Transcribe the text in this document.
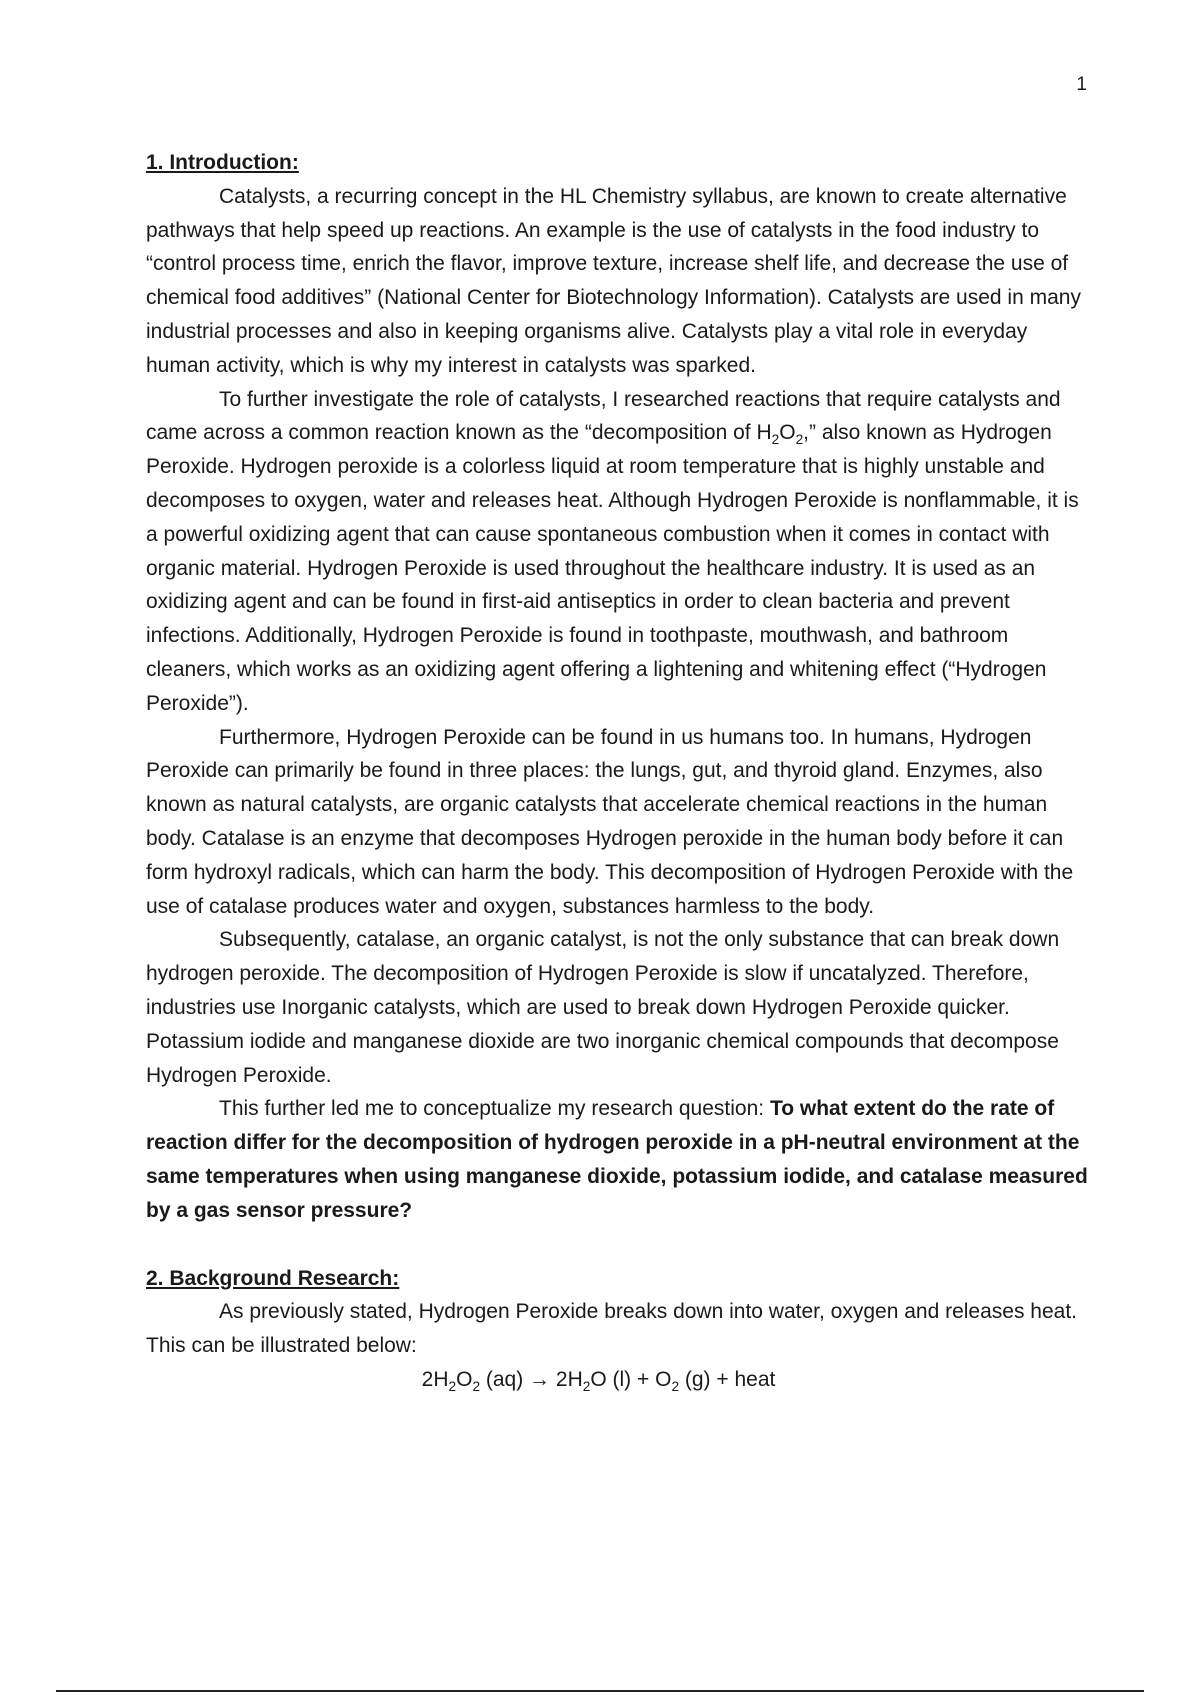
1

1. Introduction:

Catalysts, a recurring concept in the HL Chemistry syllabus, are known to create alternative pathways that help speed up reactions. An example is the use of catalysts in the food industry to “control process time, enrich the flavor, improve texture, increase shelf life, and decrease the use of chemical food additives” (National Center for Biotechnology Information). Catalysts are used in many industrial processes and also in keeping organisms alive. Catalysts play a vital role in everyday human activity, which is why my interest in catalysts was sparked.

To further investigate the role of catalysts, I researched reactions that require catalysts and came across a common reaction known as the “decomposition of $H_2O_2$,” also known as Hydrogen Peroxide. Hydrogen peroxide is a colorless liquid at room temperature that is highly unstable and decomposes to oxygen, water and releases heat. Although Hydrogen Peroxide is nonflammable, it is a powerful oxidizing agent that can cause spontaneous combustion when it comes in contact with organic material. Hydrogen Peroxide is used throughout the healthcare industry. It is used as an oxidizing agent and can be found in first-aid antiseptics in order to clean bacteria and prevent infections. Additionally, Hydrogen Peroxide is found in toothpaste, mouthwash, and bathroom cleaners, which works as an oxidizing agent offering a lightening and whitening effect (“Hydrogen Peroxide”).

Furthermore, Hydrogen Peroxide can be found in us humans too. In humans, Hydrogen Peroxide can primarily be found in three places: the lungs, gut, and thyroid gland. Enzymes, also known as natural catalysts, are organic catalysts that accelerate chemical reactions in the human body. Catalase is an enzyme that decomposes Hydrogen peroxide in the human body before it can form hydroxyl radicals, which can harm the body. This decomposition of Hydrogen Peroxide with the use of catalase produces water and oxygen, substances harmless to the body.

Subsequently, catalase, an organic catalyst, is not the only substance that can break down hydrogen peroxide. The decomposition of Hydrogen Peroxide is slow if uncatalyzed. Therefore, industries use Inorganic catalysts, which are used to break down Hydrogen Peroxide quicker. Potassium iodide and manganese dioxide are two inorganic chemical compounds that decompose Hydrogen Peroxide.

This further led me to conceptualize my research question: To what extent do the rate of reaction differ for the decomposition of hydrogen peroxide in a pH-neutral environment at the same temperatures when using manganese dioxide, potassium iodide, and catalase measured by a gas sensor pressure?

2. Background Research:

As previously stated, Hydrogen Peroxide breaks down into water, oxygen and releases heat. This can be illustrated below:

$2H_2O_2$ $(aq) \to 2H_2O$ $(l) + O_2$ (g) + heat
